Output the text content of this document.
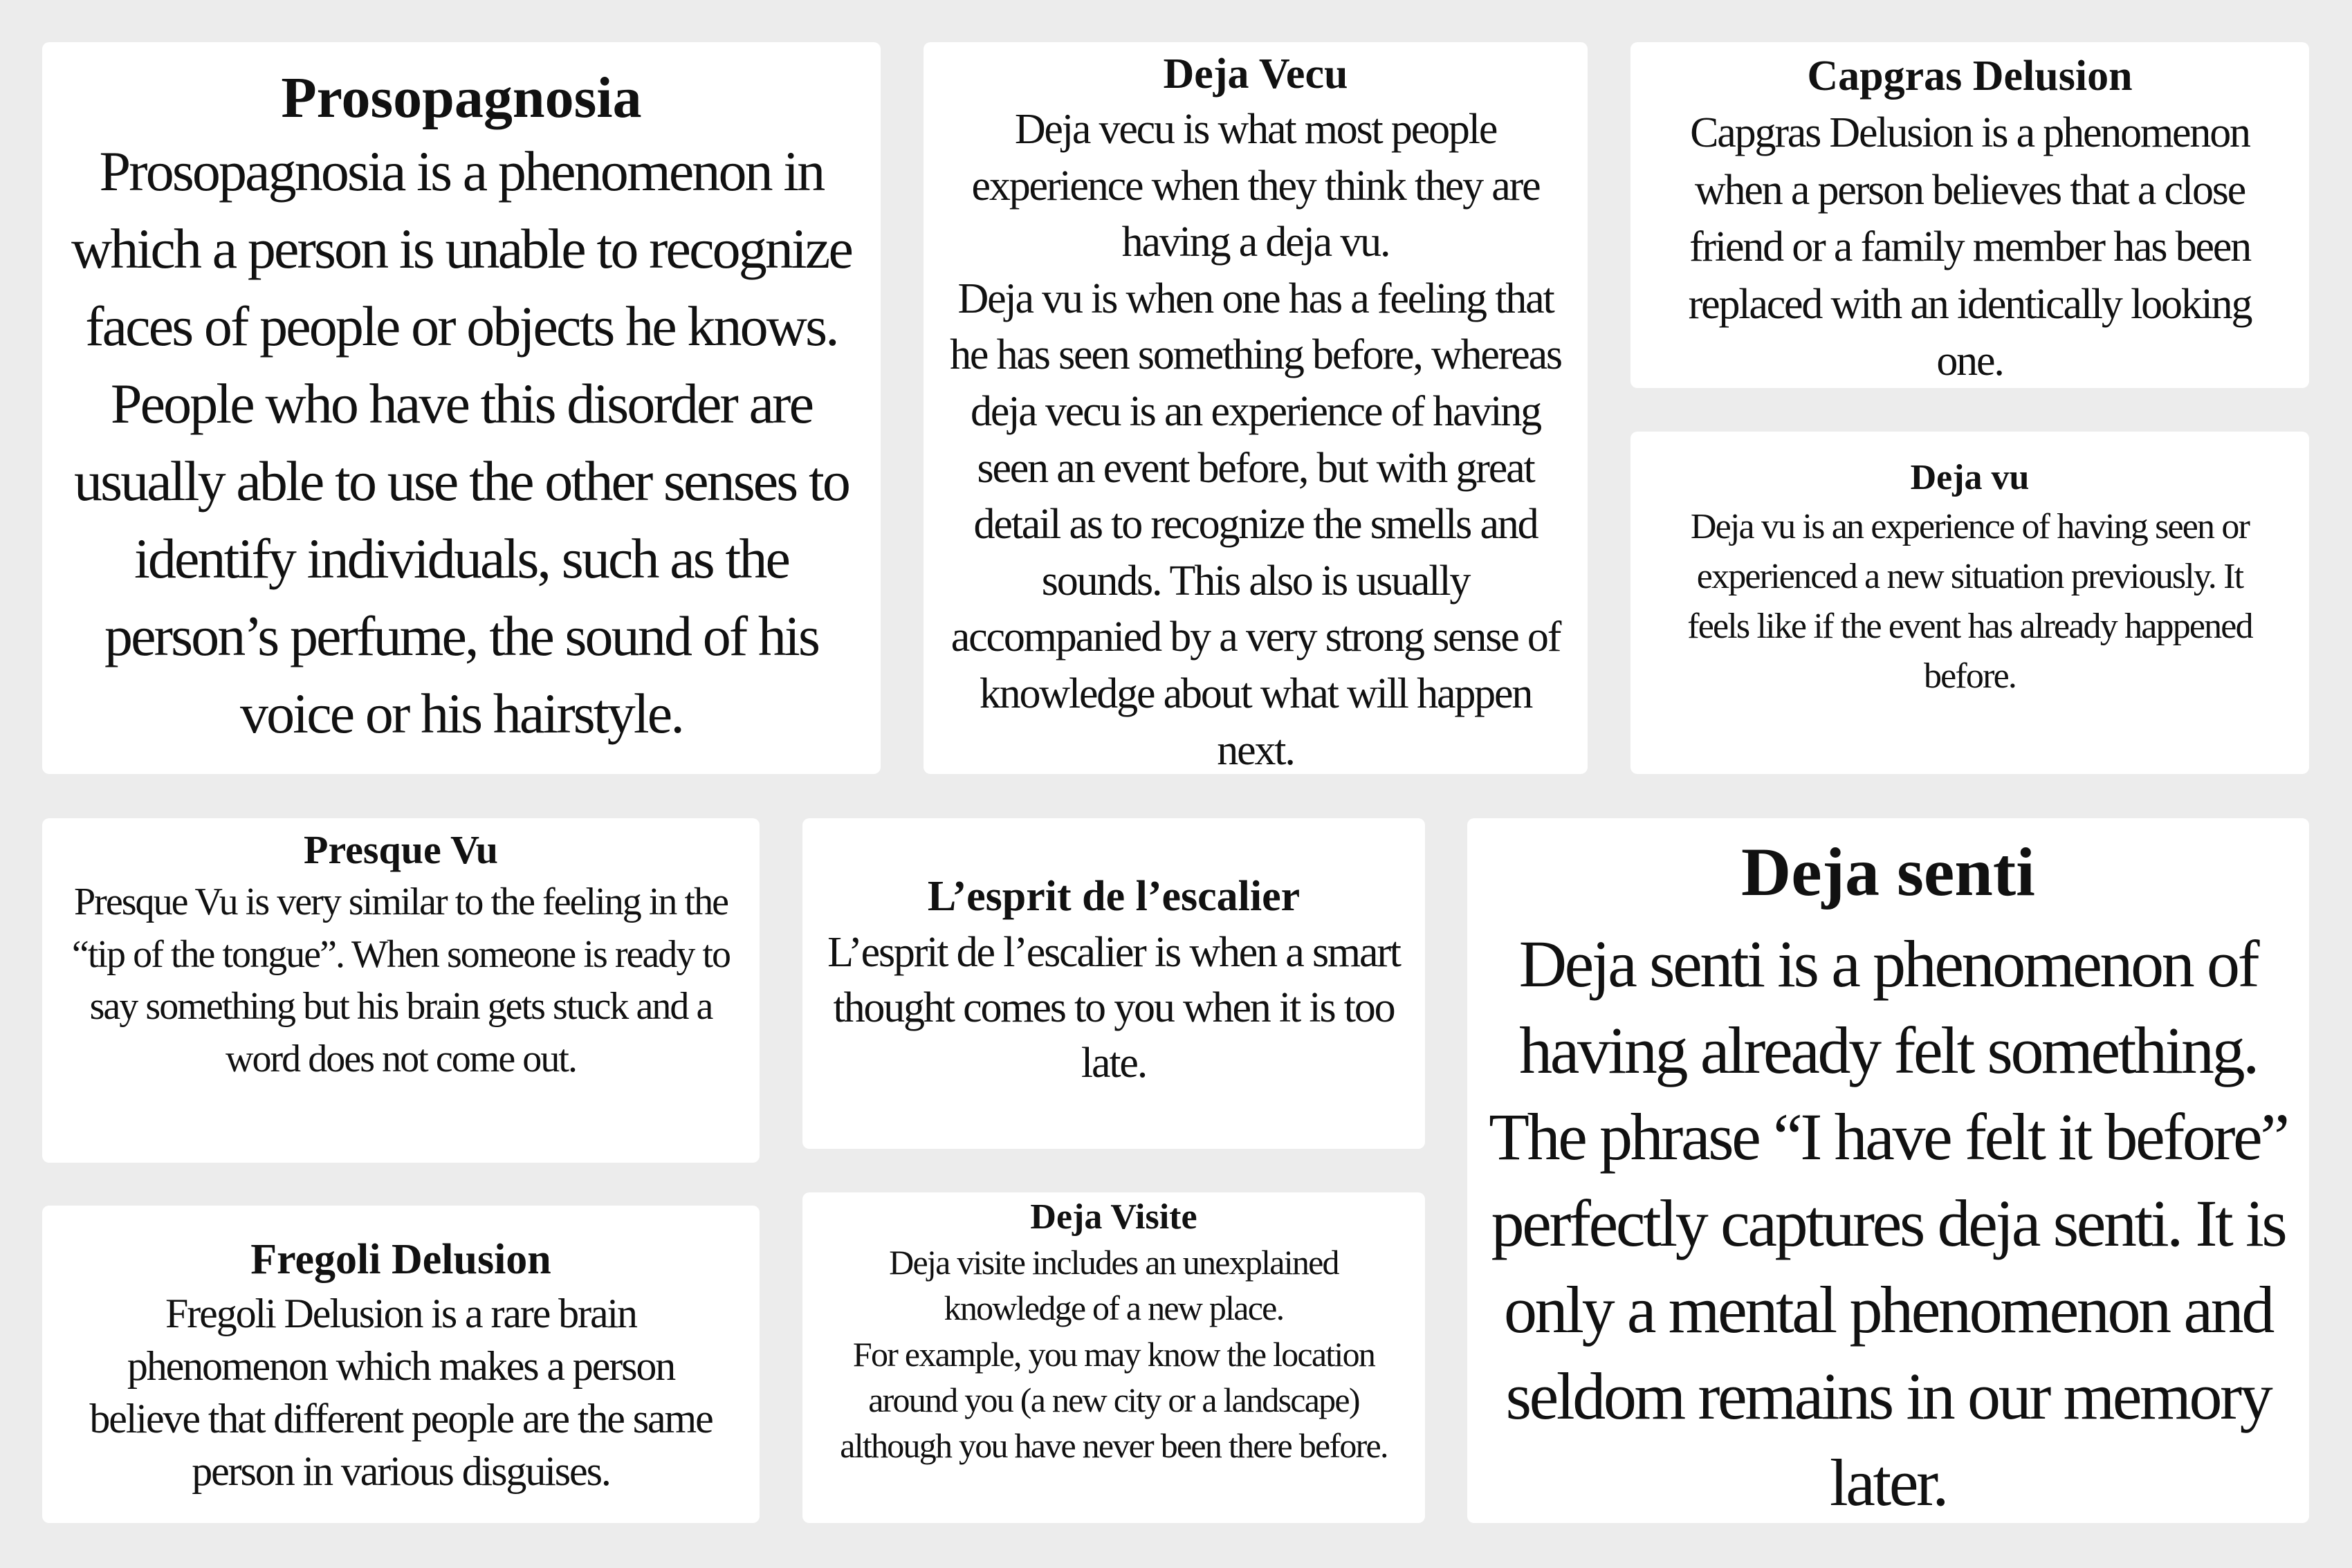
Prosopagnosia

Prosopagnosia is a phenomenon in which a person is unable to recognize faces of people or objects he knows. People who have this disorder are usually able to use the other senses to identify individuals, such as the person’s perfume, the sound of his voice or his hairstyle.

Deja Vecu

Deja vecu is what most people experience when they think they are having a deja vu.

Deja vu is when one has a feeling that he has seen something before, whereas deja vecu is an experience of having seen an event before, but with great detail as to recognize the smells and sounds. This also is usually accompanied by a very strong sense of knowledge about what will happen next.

Capgras Delusion

Capgras Delusion is a phenomenon when a person believes that a close friend or a family member has been replaced with an identically looking one.

Deja vu

Deja vu is an experience of having seen or experienced a new situation previously. It feels like if the event has already happened before.

Presque Vu

Presque Vu is very similar to the feeling in the “tip of the tongue”. When someone is ready to say something but his brain gets stuck and a word does not come out.

L’esprit de l’escalier

L’esprit de l’escalier is when a smart thought comes to you when it is too late.

Deja senti

Deja senti is a phenomenon of having already felt something. The phrase “I have felt it before” perfectly captures deja senti. It is only a mental phenomenon and seldom remains in our memory later.

Fregoli Delusion

Fregoli Delusion is a rare brain phenomenon which makes a person believe that different people are the same person in various disguises.

Deja Visite

Deja visite includes an unexplained knowledge of a new place.

For example, you may know the location around you (a new city or a landscape) although you have never been there before.
